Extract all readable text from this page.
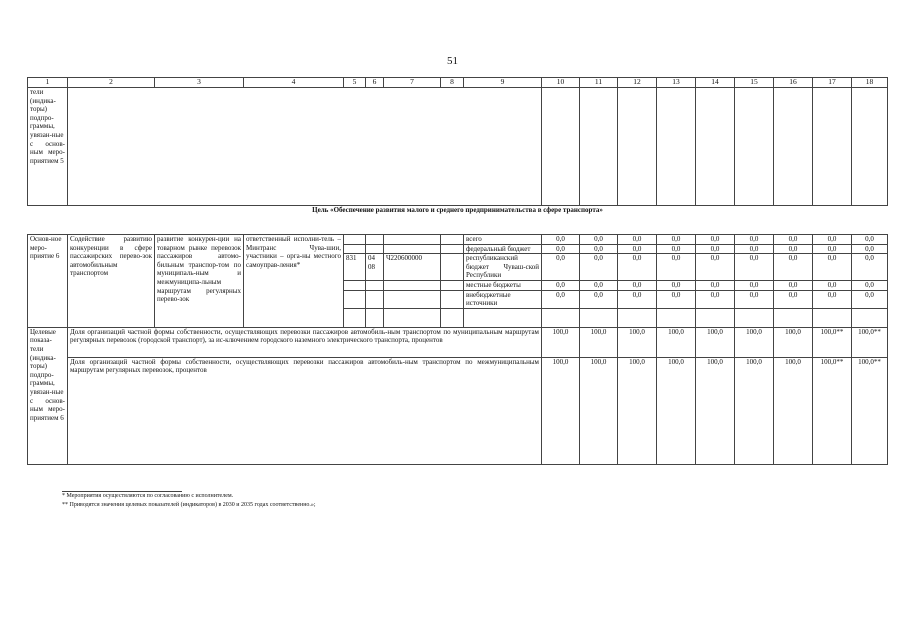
51
1	2	3	4	5	6	7	8	9	10	11	12	13	14	15	16	17	18
тели (индика-торы) подпро-граммы, увязан-ные с основ-ным меро-приятием 5																	
Цель «Обеспечение развития малого и среднего предпринимательства в сфере транспорта»																	
Основ-ное меро-приятие 6	Содействие развитию конкуренции в сфере пассажирских перево-зок автомобильным транспортом	развитие конкурен-ции на товарном рынке перевозок пассажиров автомо-бильным транспор-том по муниципаль-ным и межмуниципа-льным маршрутам регулярных перево-зок	ответственный исполни-тель – Минтранс Чува-шии, участники – орга-ны местного самоуправ-ления*					всего	0,0	0,0	0,0	0,0	0,0	0,0	0,0	0,0	0,0
								федеральный бюджет	0,0	0,0	0,0	0,0	0,0	0,0	0,0	0,0	0,0
				831	04 08	Ч220600000		республиканский бюджет Чуваш-ской Республики	0,0	0,0	0,0	0,0	0,0	0,0	0,0	0,0	0,0
								местные бюджеты	0,0	0,0	0,0	0,0	0,0	0,0	0,0	0,0	0,0
								внебюджетные источники	0,0	0,0	0,0	0,0	0,0	0,0	0,0	0,0	0,0

Целевые показа-тели (индика-торы) подпро-граммы, увязан-ные с основ-ным меро-приятием 6	Доля организаций частной формы собственности, осуществляющих перевозки пассажиров автомобиль-ным транспортом по муниципальным маршрутам регулярных перевозок (городской транспорт), за ис-ключением городского наземного электрического транспорта, процентов								100,0	100,0	100,0	100,0	100,0	100,0	100,0	100,0**	100,0**
	Доля организаций частной формы собственности, осуществляющих перевозки пассажиров автомобиль-ным транспортом по межмуниципальным маршрутам регулярных перевозок, процентов								100,0	100,0	100,0	100,0	100,0	100,0	100,0	100,0**	100,0**
* Мероприятия осуществляются по согласованию с исполнителем.
** Приводятся значения целевых показателей (индикаторов) в 2030 и 2035 годах соответственно.»;
